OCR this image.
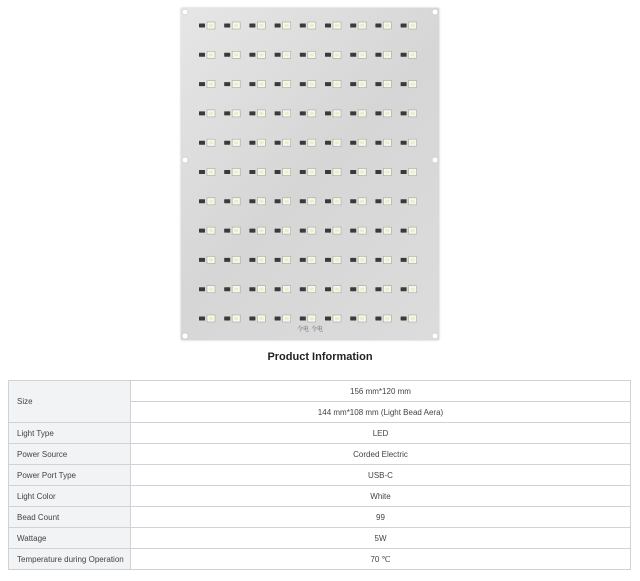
令电 令电
Product Information
Size	156 mm*120 mm
	144 mm*108 mm (Light Bead Aera)
Light Type	LED
Power Source	Corded Electric
Power Port Type	USB-C
Light Color	White
Bead Count	99
Wattage	5W
Temperature during Operation	70 ℃
